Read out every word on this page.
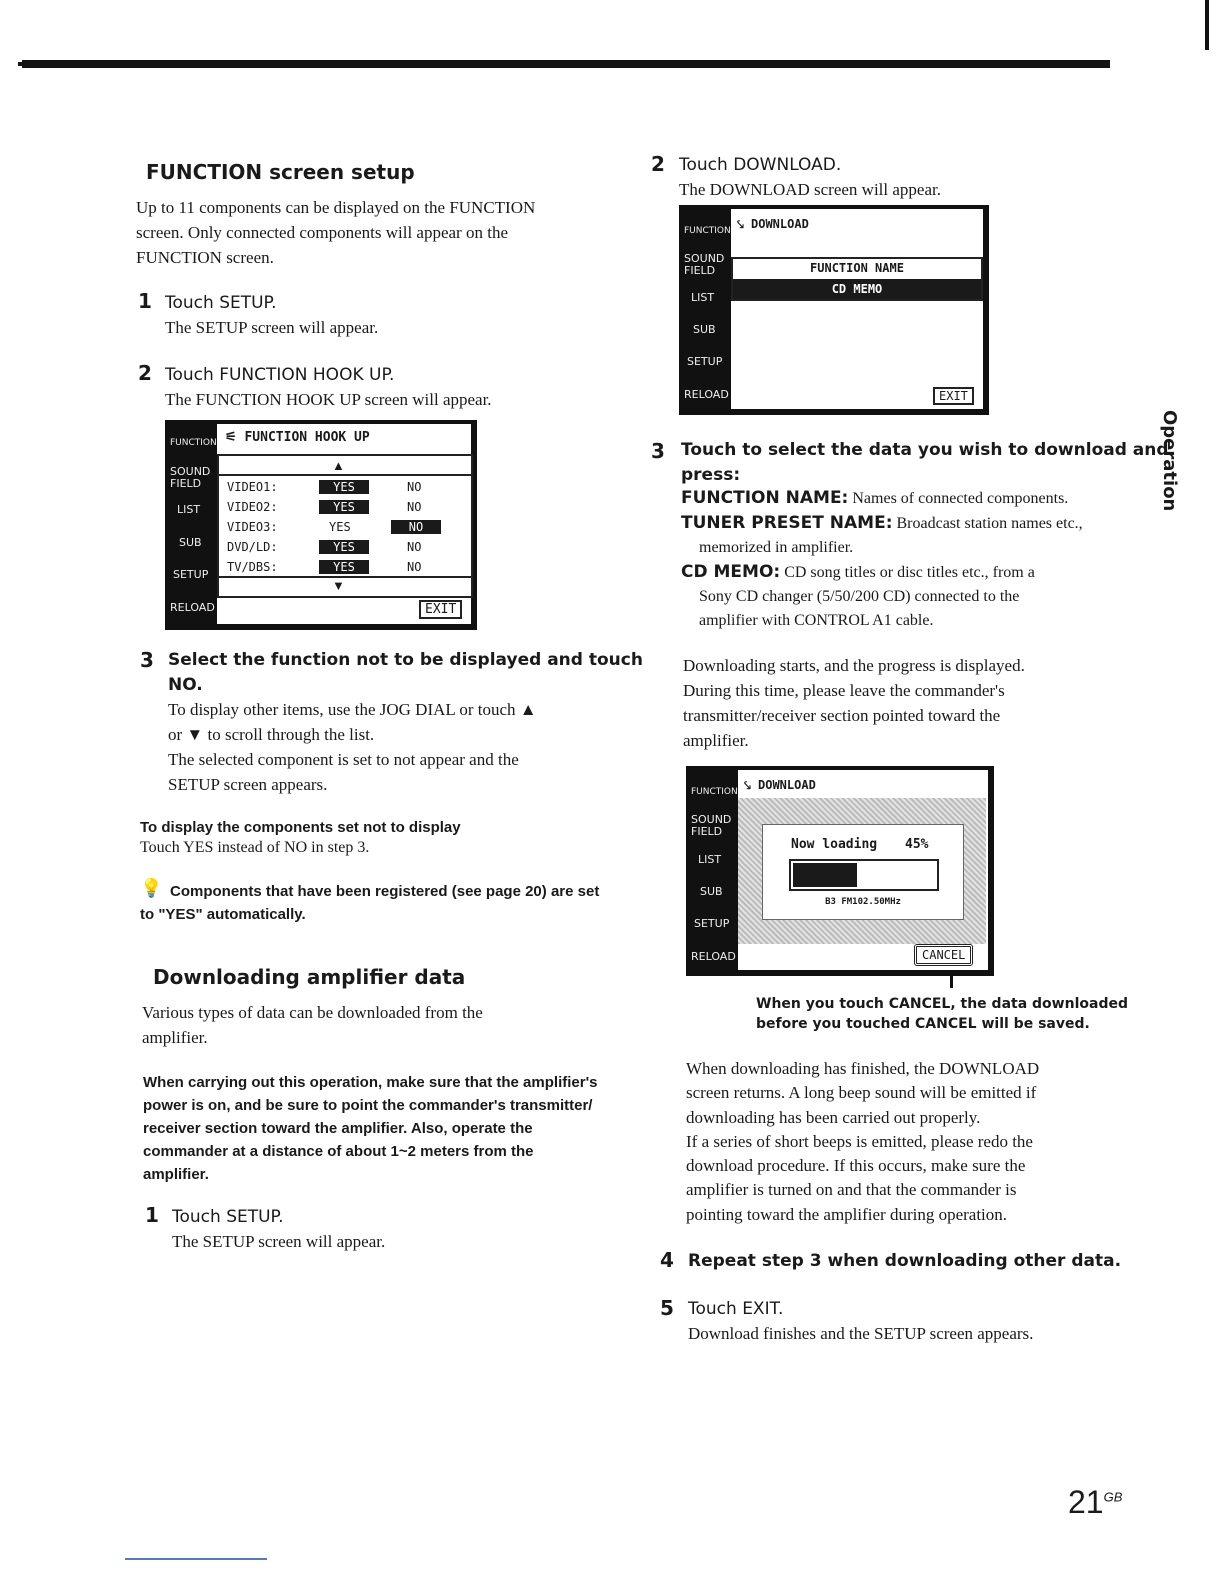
FUNCTION screen setup
Up to 11 components can be displayed on the FUNCTION
screen. Only connected components will appear on the
FUNCTION screen.
1 Touch SETUP.
The SETUP screen will appear.
2 Touch FUNCTION HOOK UP.
The FUNCTION HOOK UP screen will appear.
FUNCTION
SOUND
FIELD
LIST
SUB
SETUP
RELOAD
⚟ FUNCTION HOOK UP
▲
VIDEO1:	YES	NO
VIDEO2:	YES	NO
VIDEO3:	YES	NO
DVD/LD:	YES	NO
TV/DBS:	YES	NO
▼
EXIT
3 Select the function not to be displayed and touch
NO.
To display other items, use the JOG DIAL or touch ▲
or ▼ to scroll through the list.
The selected component is set to not appear and the
SETUP screen appears.
To display the components set not to display
Touch YES instead of NO in step 3.
💡 Components that have been registered (see page 20) are set
to "YES" automatically.
Downloading amplifier data
Various types of data can be downloaded from the
amplifier.
When carrying out this operation, make sure that the amplifier's
power is on, and be sure to point the commander's transmitter/
receiver section toward the amplifier. Also, operate the
commander at a distance of about 1~2 meters from the
amplifier.
1 Touch SETUP.
The SETUP screen will appear.
2 Touch DOWNLOAD.
The DOWNLOAD screen will appear.
FUNCTION
SOUND
FIELD
LIST
SUB
SETUP
RELOAD
⤥ DOWNLOAD
FUNCTION NAME
CD MEMO
EXIT
3 Touch to select the data you wish to download and
press:
FUNCTION NAME: Names of connected components.
TUNER PRESET NAME: Broadcast station names etc.,
memorized in amplifier.
CD MEMO: CD song titles or disc titles etc., from a
Sony CD changer (5/50/200 CD) connected to the
amplifier with CONTROL A1 cable.
Downloading starts, and the progress is displayed.
During this time, please leave the commander's
transmitter/receiver section pointed toward the
amplifier.
FUNCTION
SOUND
FIELD
LIST
SUB
SETUP
RELOAD
⤥ DOWNLOAD
Now loading 45%
B3 FM102.50MHz
CANCEL
When you touch CANCEL, the data downloaded
before you touched CANCEL will be saved.
When downloading has finished, the DOWNLOAD
screen returns. A long beep sound will be emitted if
downloading has been carried out properly.
If a series of short beeps is emitted, please redo the
download procedure. If this occurs, make sure the
amplifier is turned on and that the commander is
pointing toward the amplifier during operation.
4 Repeat step 3 when downloading other data.
5 Touch EXIT.
Download finishes and the SETUP screen appears.
Operation
$21^{GB}$
